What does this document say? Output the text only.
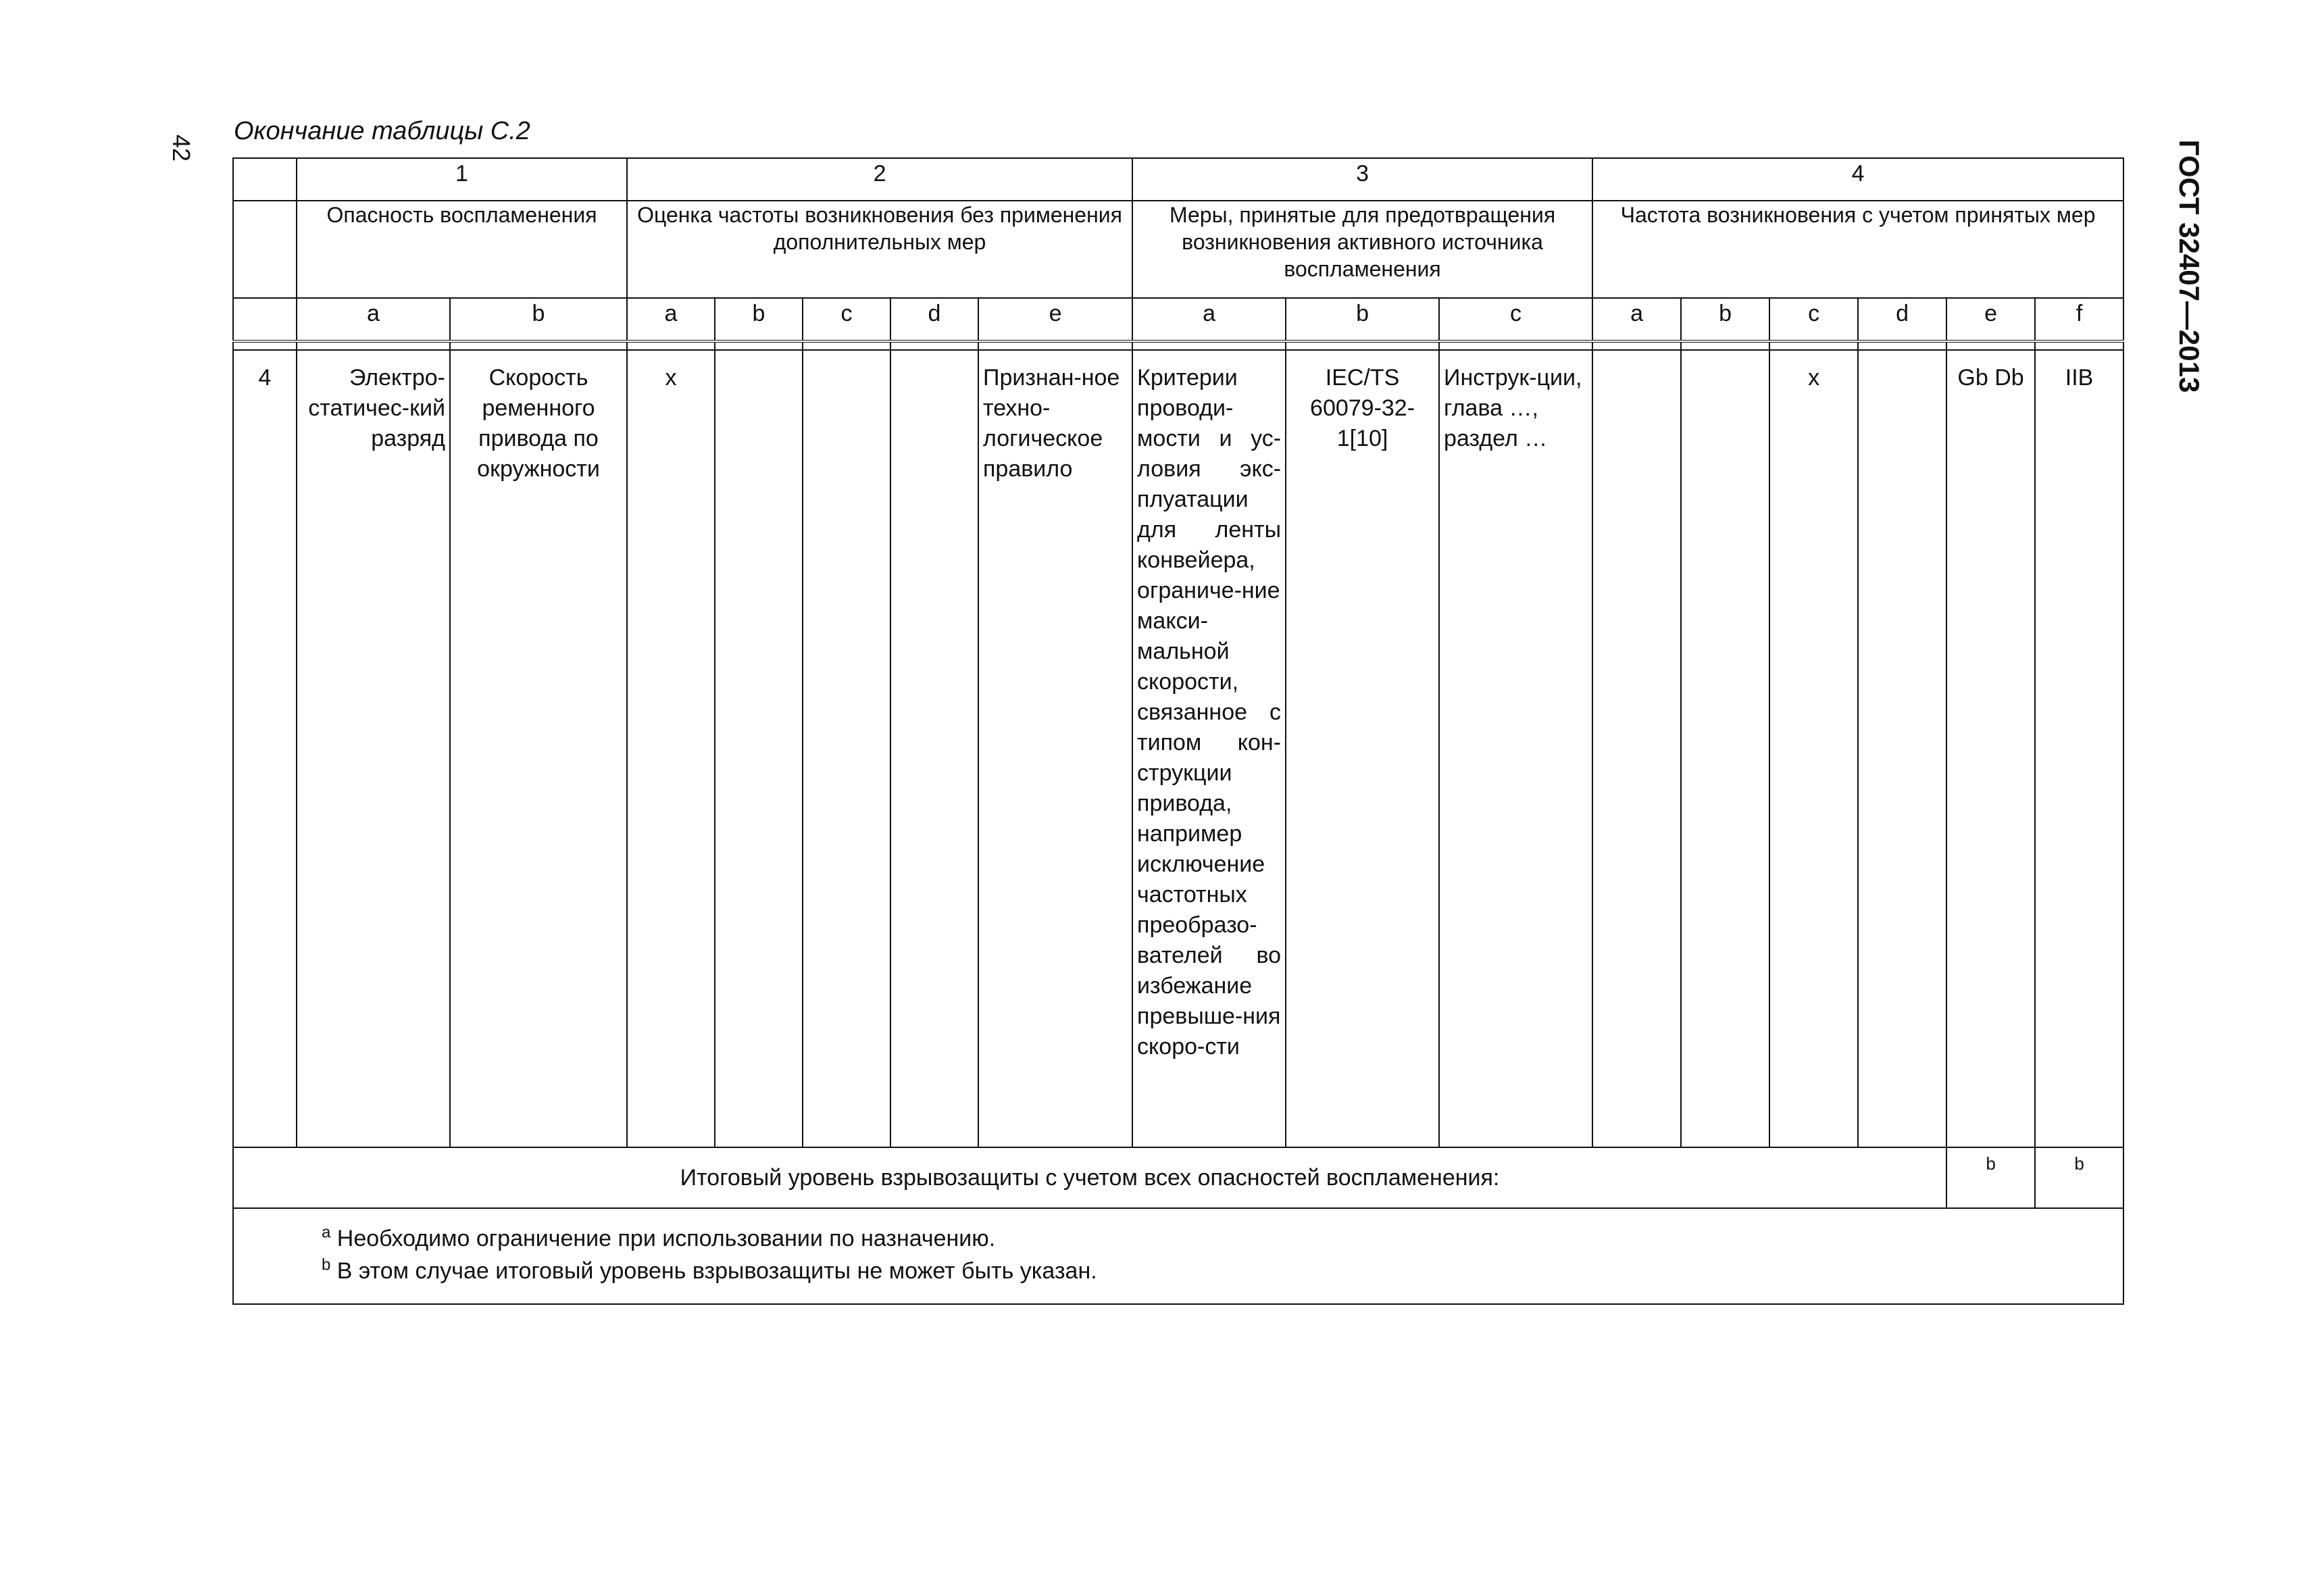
42
Окончание таблицы С.2
ГОСТ 32407—2013
	1		2					3			4					
	Опасность воспламенения		Оценка частоты возникновения без применения дополнительных мер					Меры, принятые для предотвращения возникновения активного источника воспламенения			Частота возникновения с учетом принятых мер					
	a	b	a	b	c	d	e	a	b	c	a	b	c	d	e	f

4	Электро-статичес-кий разряд	Скорость ременного привода по окружности	x				Признан-ное техно-логическое правило	Критерии проводи-мости и ус-ловия экс-плуатации для ленты конвейера, ограниче-ние макси-мальной скорости, связанное с типом кон-струкции привода, например исключение частотных преобразо-вателей во избежание превыше-ния скоро-сти	IEC/TS 60079-32-1[10]	Инструк-ции, глава …, раздел …			x		Gb Db	IIB
Итоговый уровень взрывозащиты с учетом всех опасностей воспламенения:															b	b

$^a$ Необходимо ограничение при использовании по назначению.
$^b$ В этом случае итоговый уровень взрывозащиты не может быть указан.																
